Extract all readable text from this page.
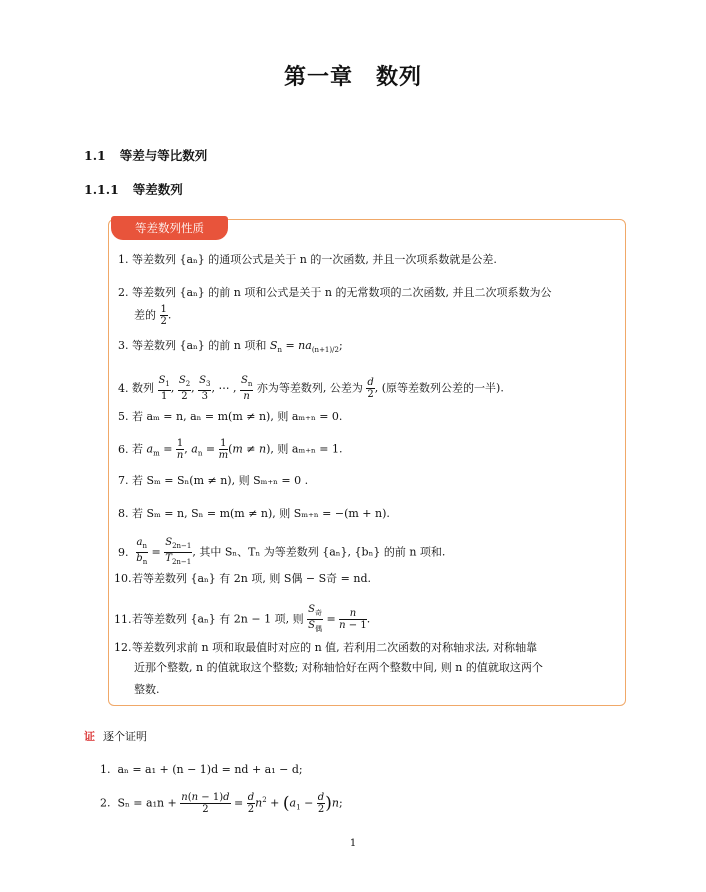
第一章　数列
1.1 等差与等比数列
1.1.1 等差数列
等差数列性质
1. 等差数列 {aₙ} 的通项公式是关于 n 的一次函数, 并且一次项系数就是公差.
2. 等差数列 {aₙ} 的前 n 项和公式是关于 n 的无常数项的二次函数, 并且二次项系数为公
差的 $\frac{1}{2}$ .
3. 等差数列 {aₙ} 的前 n 项和 $S_n = na_{(n+1)/2}$;
4. 数列 $\frac{S_1}{1}$ , $\frac{S_2}{2}$ , $\frac{S_3}{3}$ , ⋯ , $\frac{S_n}{n}$ 亦为等差数列, 公差为 $\frac{d}{2}$ , (原等差数列公差的一半).
5. 若 aₘ = n, aₙ = m(m ≠ n), 则 aₘ₊ₙ = 0.
6. 若 $a_m = \frac{1}{n}$ , $a_n = \frac{1}{m} (m \ne n)$, 则 aₘ₊ₙ = 1.
7. 若 Sₘ = Sₙ(m ≠ n), 则 Sₘ₊ₙ = 0 .
8. 若 Sₘ = n, Sₙ = m(m ≠ n), 则 Sₘ₊ₙ = −(m + n).
9. $\frac{a_n}{b_n} = \frac{S_{2n-1}}{T_{2n-1}}$ , 其中 Sₙ、Tₙ 为等差数列 {aₙ}, {bₙ} 的前 n 项和.
10.若等差数列 {aₙ} 有 2n 项, 则 S偶 − S奇 = nd.
11.若等差数列 {aₙ} 有 2n − 1 项, 则 $\frac{S_奇}{S_偶} = \frac{n}{n - 1}$ .
12.等差数列求前 n 项和取最值时对应的 n 值, 若利用二次函数的对称轴求法, 对称轴靠
近那个整数, n 的值就取这个整数; 对称轴恰好在两个整数中间, 则 n 的值就取这两个
整数.
证 逐个证明
1. aₙ = a₁ + (n − 1)d = nd + a₁ − d;
2. $S_n = a_1n + \frac{n(n - 1)d}{2} = \frac{d}{2} n^2 + (a_1 - \frac{d}{2} )n$;
1
